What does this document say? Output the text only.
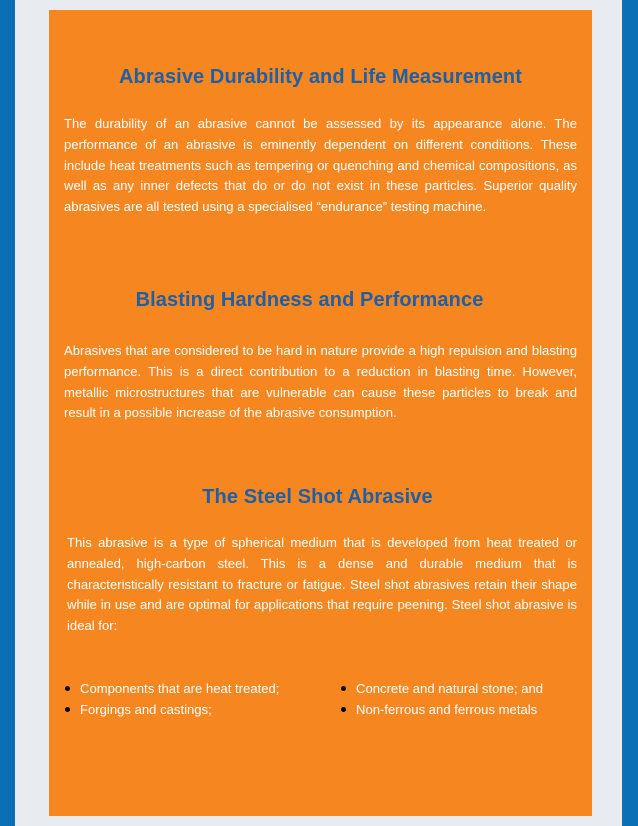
Abrasive Durability and Life Measurement

The durability of an abrasive cannot be assessed by its appearance alone. The performance of an abrasive is eminently dependent on different conditions. These include heat treatments such as tempering or quenching and chemical compositions, as well as any inner defects that do or do not exist in these particles. Superior quality abrasives are all tested using a specialised “endurance” testing machine.

Blasting Hardness and Performance

Abrasives that are considered to be hard in nature provide a high repulsion and blasting performance. This is a direct contribution to a reduction in blasting time. However, metallic microstructures that are vulnerable can cause these particles to break and result in a possible increase of the abrasive consumption.

The Steel Shot Abrasive

This abrasive is a type of spherical medium that is developed from heat treated or annealed, high-carbon steel. This is a dense and durable medium that is characteristically resistant to fracture or fatigue. Steel shot abrasives retain their shape while in use and are optimal for applications that require peening. Steel shot abrasive is ideal for:

Components that are heat treated;
Forgings and castings;
Concrete and natural stone; and
Non-ferrous and ferrous metals
